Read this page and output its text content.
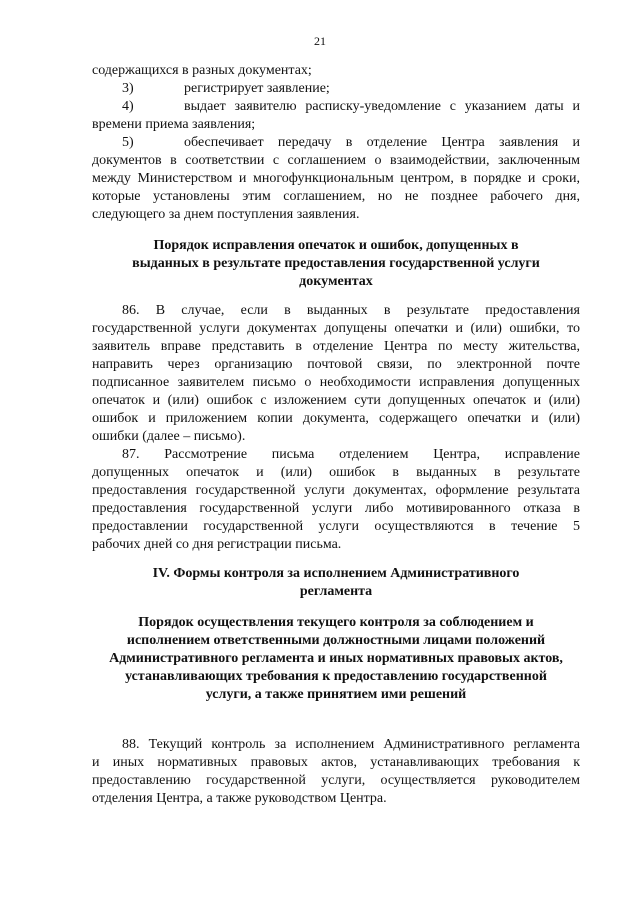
21
содержащихся в разных документах;
3)	регистрирует заявление;
4)	выдает заявителю расписку-уведомление с указанием даты и
времени приема заявления;
5)	обеспечивает передачу в отделение Центра заявления и
документов в соответствии с соглашением о взаимодействии, заключенным
между Министерством и многофункциональным центром, в порядке и сроки,
которые установлены этим соглашением, но не позднее рабочего дня,
следующего за днем поступления заявления.
Порядок исправления опечаток и ошибок, допущенных в
выданных в результате предоставления государственной услуги
документах
86. В случае, если в выданных в результате предоставления
государственной услуги документах допущены опечатки и (или) ошибки, то
заявитель вправе представить в отделение Центра по месту жительства,
направить через организацию почтовой связи, по электронной почте
подписанное заявителем письмо о необходимости исправления допущенных
опечаток и (или) ошибок с изложением сути допущенных опечаток и (или)
ошибок и приложением копии документа, содержащего опечатки и (или)
ошибки (далее – письмо).
87. Рассмотрение письма отделением Центра, исправление
допущенных опечаток и (или) ошибок в выданных в результате
предоставления государственной услуги документах, оформление результата
предоставления государственной услуги либо мотивированного отказа в
предоставлении государственной услуги осуществляются в течение 5
рабочих дней со дня регистрации письма.
IV. Формы контроля за исполнением Административного
регламента
Порядок осуществления текущего контроля за соблюдением и
исполнением ответственными должностными лицами положений
Административного регламента и иных нормативных правовых актов,
устанавливающих требования к предоставлению государственной
услуги, а также принятием ими решений
88. Текущий контроль за исполнением Административного регламента
и иных нормативных правовых актов, устанавливающих требования к
предоставлению государственной услуги, осуществляется руководителем
отделения Центра, а также руководством Центра.
